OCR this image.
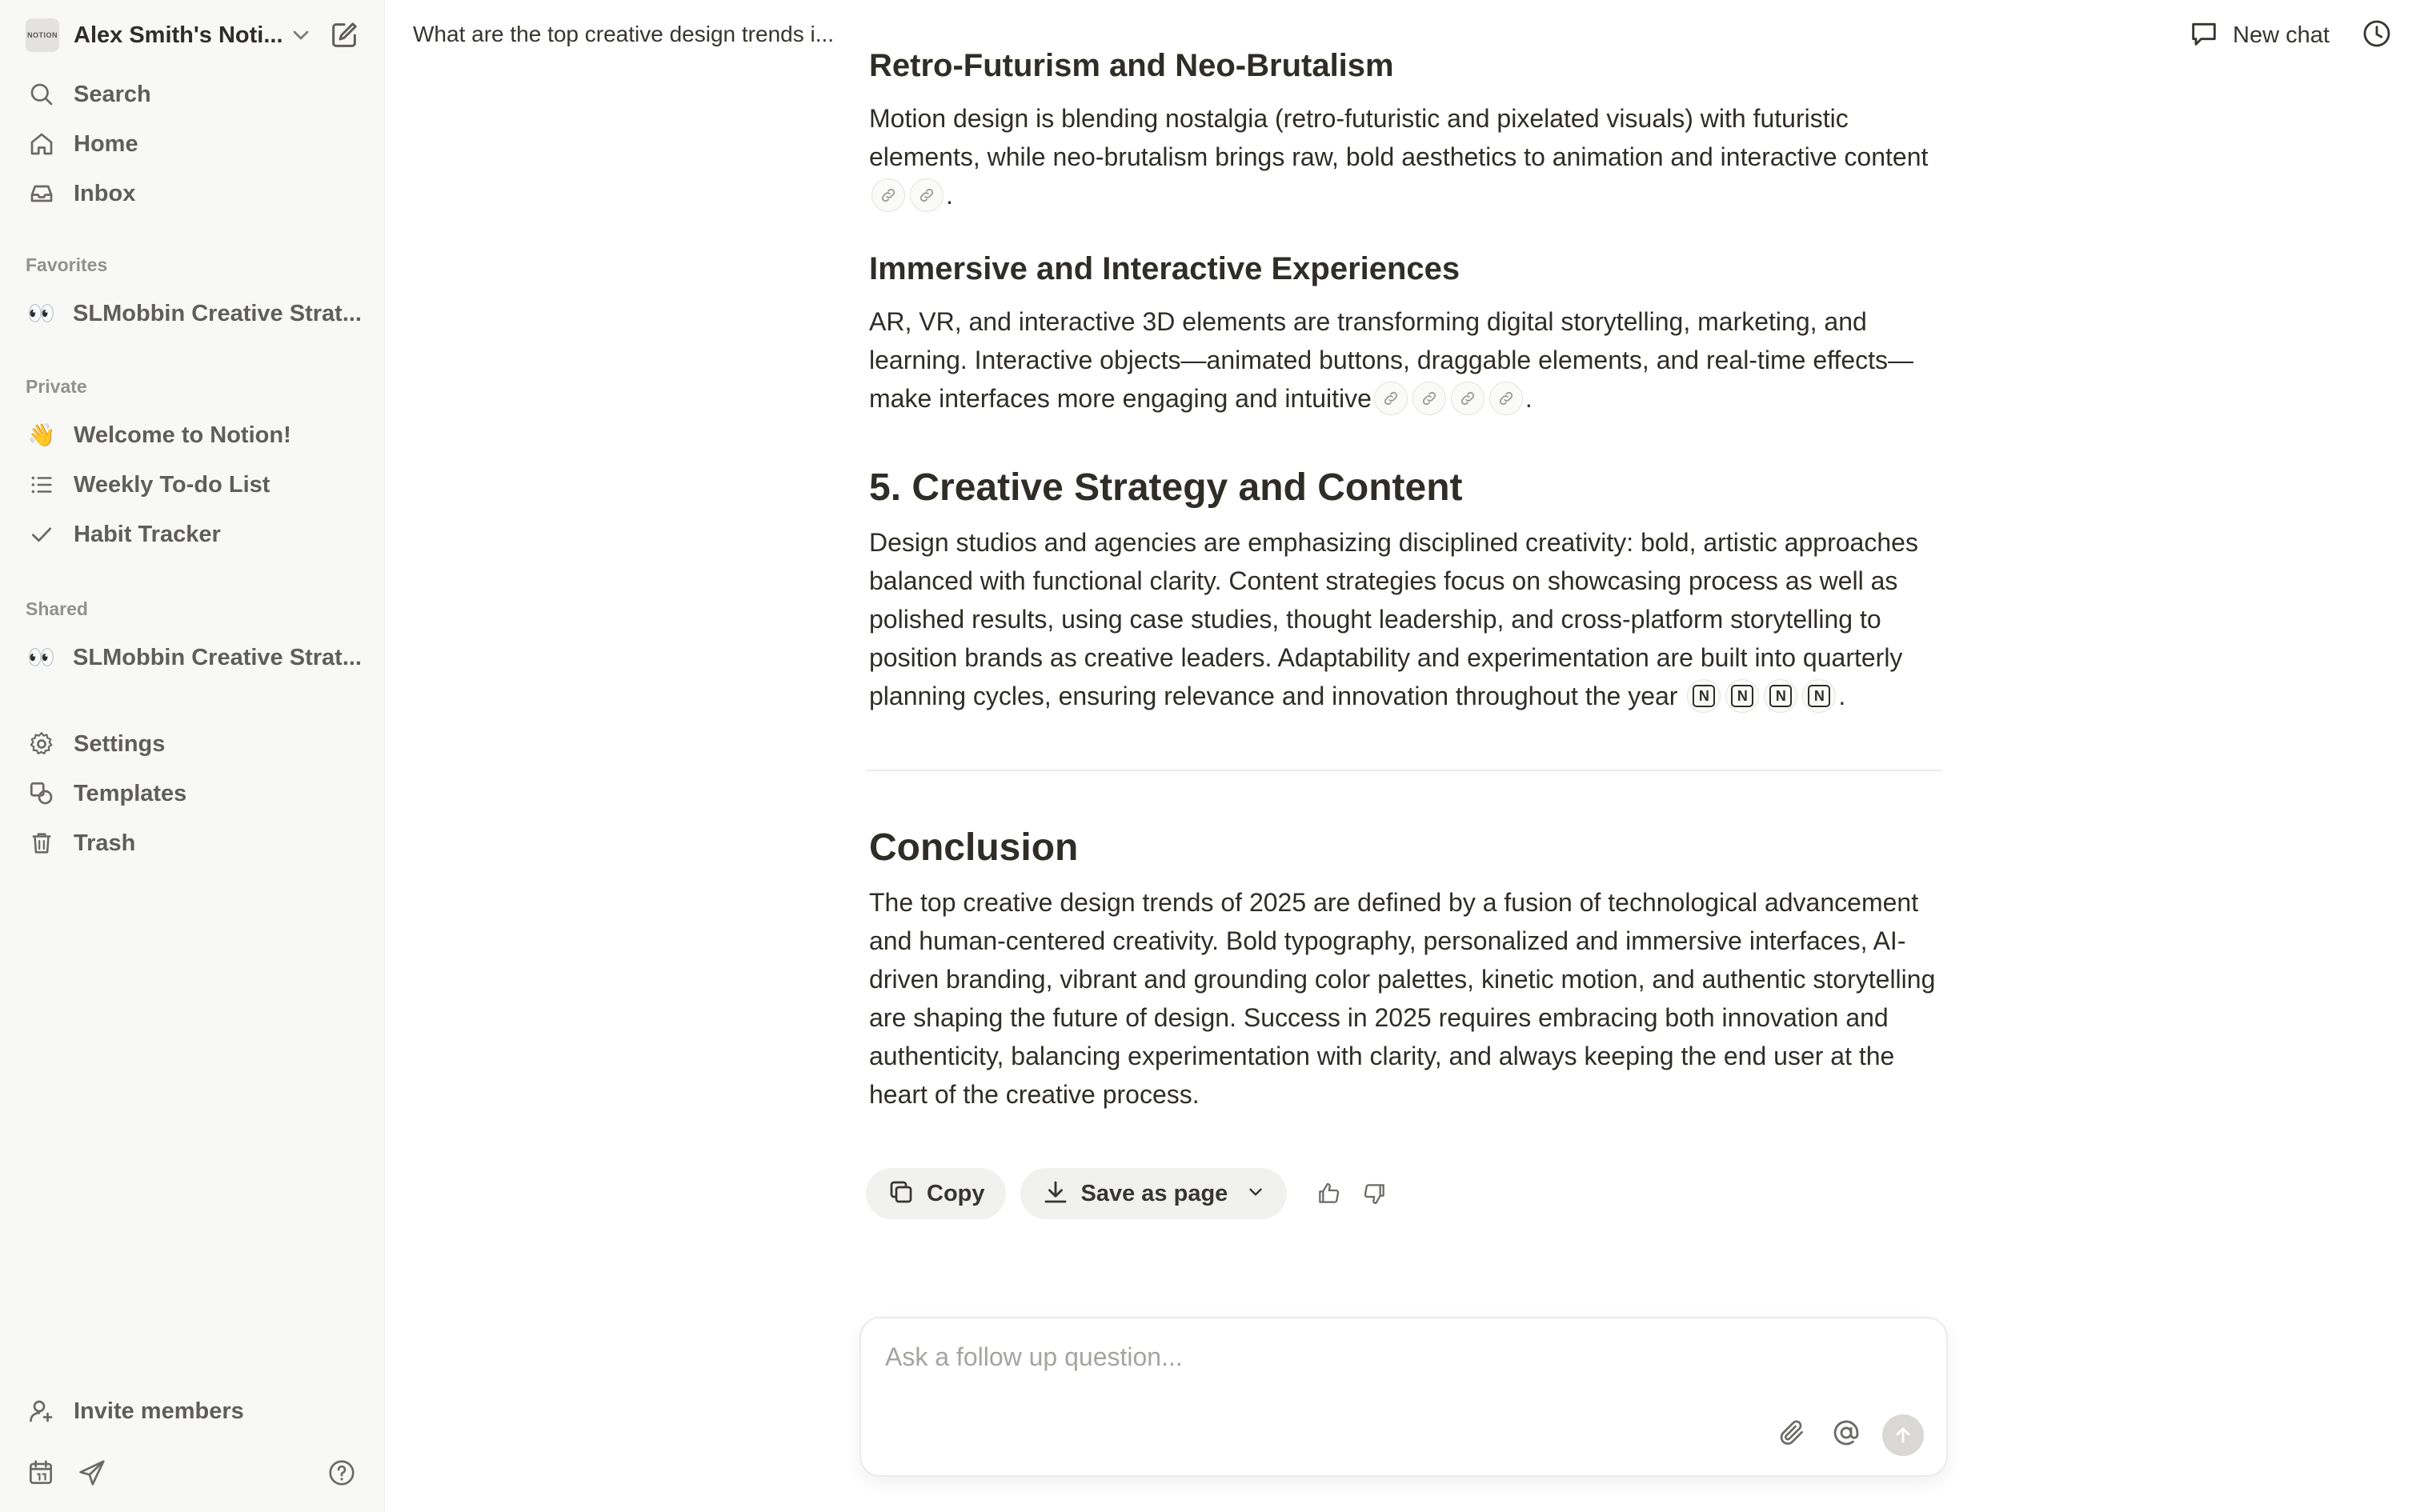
NOTION Alex Smith's Noti...
Search
Home
Inbox
Favorites
👀 SLMobbin Creative Strat...
Private
👋 Welcome to Notion!
Weekly To-do List
Habit Tracker
Shared
👀 SLMobbin Creative Strat...
Settings
Templates
Trash
Invite members
What are the top creative design trends i...	New chat
Retro-Futurism and Neo-Brutalism

Motion design is blending nostalgia (retro-futuristic and pixelated visuals) with futuristic elements, while neo-brutalism brings raw, bold aesthetics to animation and interactive content
.

Immersive and Interactive Experiences

AR, VR, and interactive 3D elements are transforming digital storytelling, marketing, and learning. Interactive objects—animated buttons, draggable elements, and real-time effects—make interfaces more engaging and intuitive	.

5. Creative Strategy and Content

Design studios and agencies are emphasizing disciplined creativity: bold, artistic approaches balanced with functional clarity. Content strategies focus on showcasing process as well as polished results, using case studies, thought leadership, and cross-platform storytelling to position brands as creative leaders. Adaptability and experimentation are built into quarterly planning cycles, ensuring relevance and innovation throughout the year	N	N	N	N .

Conclusion

The top creative design trends of 2025 are defined by a fusion of technological advancement and human-centered creativity. Bold typography, personalized and immersive interfaces, AI-driven branding, vibrant and grounding color palettes, kinetic motion, and authentic storytelling are shaping the future of design. Success in 2025 requires embracing both innovation and authenticity, balancing experimentation with clarity, and always keeping the end user at the heart of the creative process.

Copy	Save as page
Ask a follow up question...
